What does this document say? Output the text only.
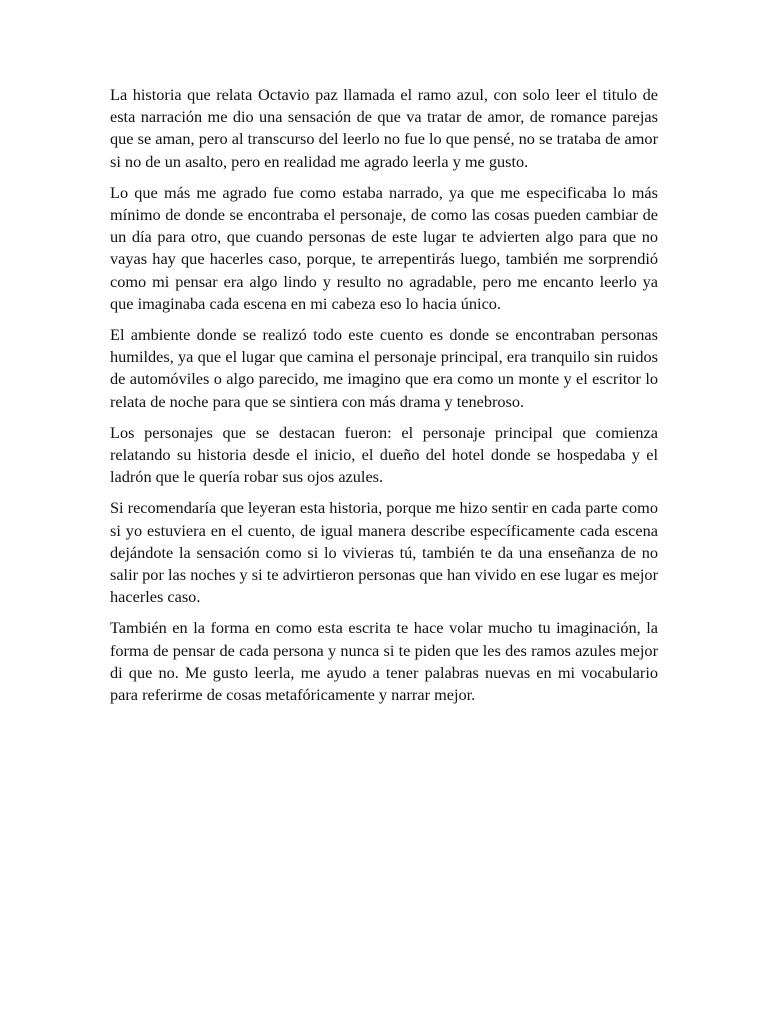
La historia que relata Octavio paz llamada el ramo azul, con solo leer el titulo de esta narración me dio una sensación de que va tratar de amor, de romance parejas que se aman, pero al transcurso del leerlo no fue lo que pensé, no se trataba de amor si no de un asalto, pero en realidad me agrado leerla y me gusto.

Lo que más me agrado fue como estaba narrado, ya que me especificaba lo más mínimo de donde se encontraba el personaje, de como las cosas pueden cambiar de un día para otro, que cuando personas de este lugar te advierten algo para que no vayas hay que hacerles caso, porque, te arrepentirás luego, también me sorprendió como mi pensar era algo lindo y resulto no agradable, pero me encanto leerlo ya que imaginaba cada escena en mi cabeza eso lo hacia único.

El ambiente donde se realizó todo este cuento es donde se encontraban personas humildes, ya que el lugar que camina el personaje principal, era tranquilo sin ruidos de automóviles o algo parecido, me imagino que era como un monte y el escritor lo relata de noche para que se sintiera con más drama y tenebroso.

Los personajes que se destacan fueron: el personaje principal que comienza relatando su historia desde el inicio, el dueño del hotel donde se hospedaba y el ladrón que le quería robar sus ojos azules.

Si recomendaría que leyeran esta historia, porque me hizo sentir en cada parte como si yo estuviera en el cuento, de igual manera describe específicamente cada escena dejándote la sensación como si lo vivieras tú, también te da una enseñanza de no salir por las noches y si te advirtieron personas que han vivido en ese lugar es mejor hacerles caso.

También en la forma en como esta escrita te hace volar mucho tu imaginación, la forma de pensar de cada persona y nunca si te piden que les des ramos azules mejor di que no. Me gusto leerla, me ayudo a tener palabras nuevas en mi vocabulario para referirme de cosas metafóricamente y narrar mejor.
